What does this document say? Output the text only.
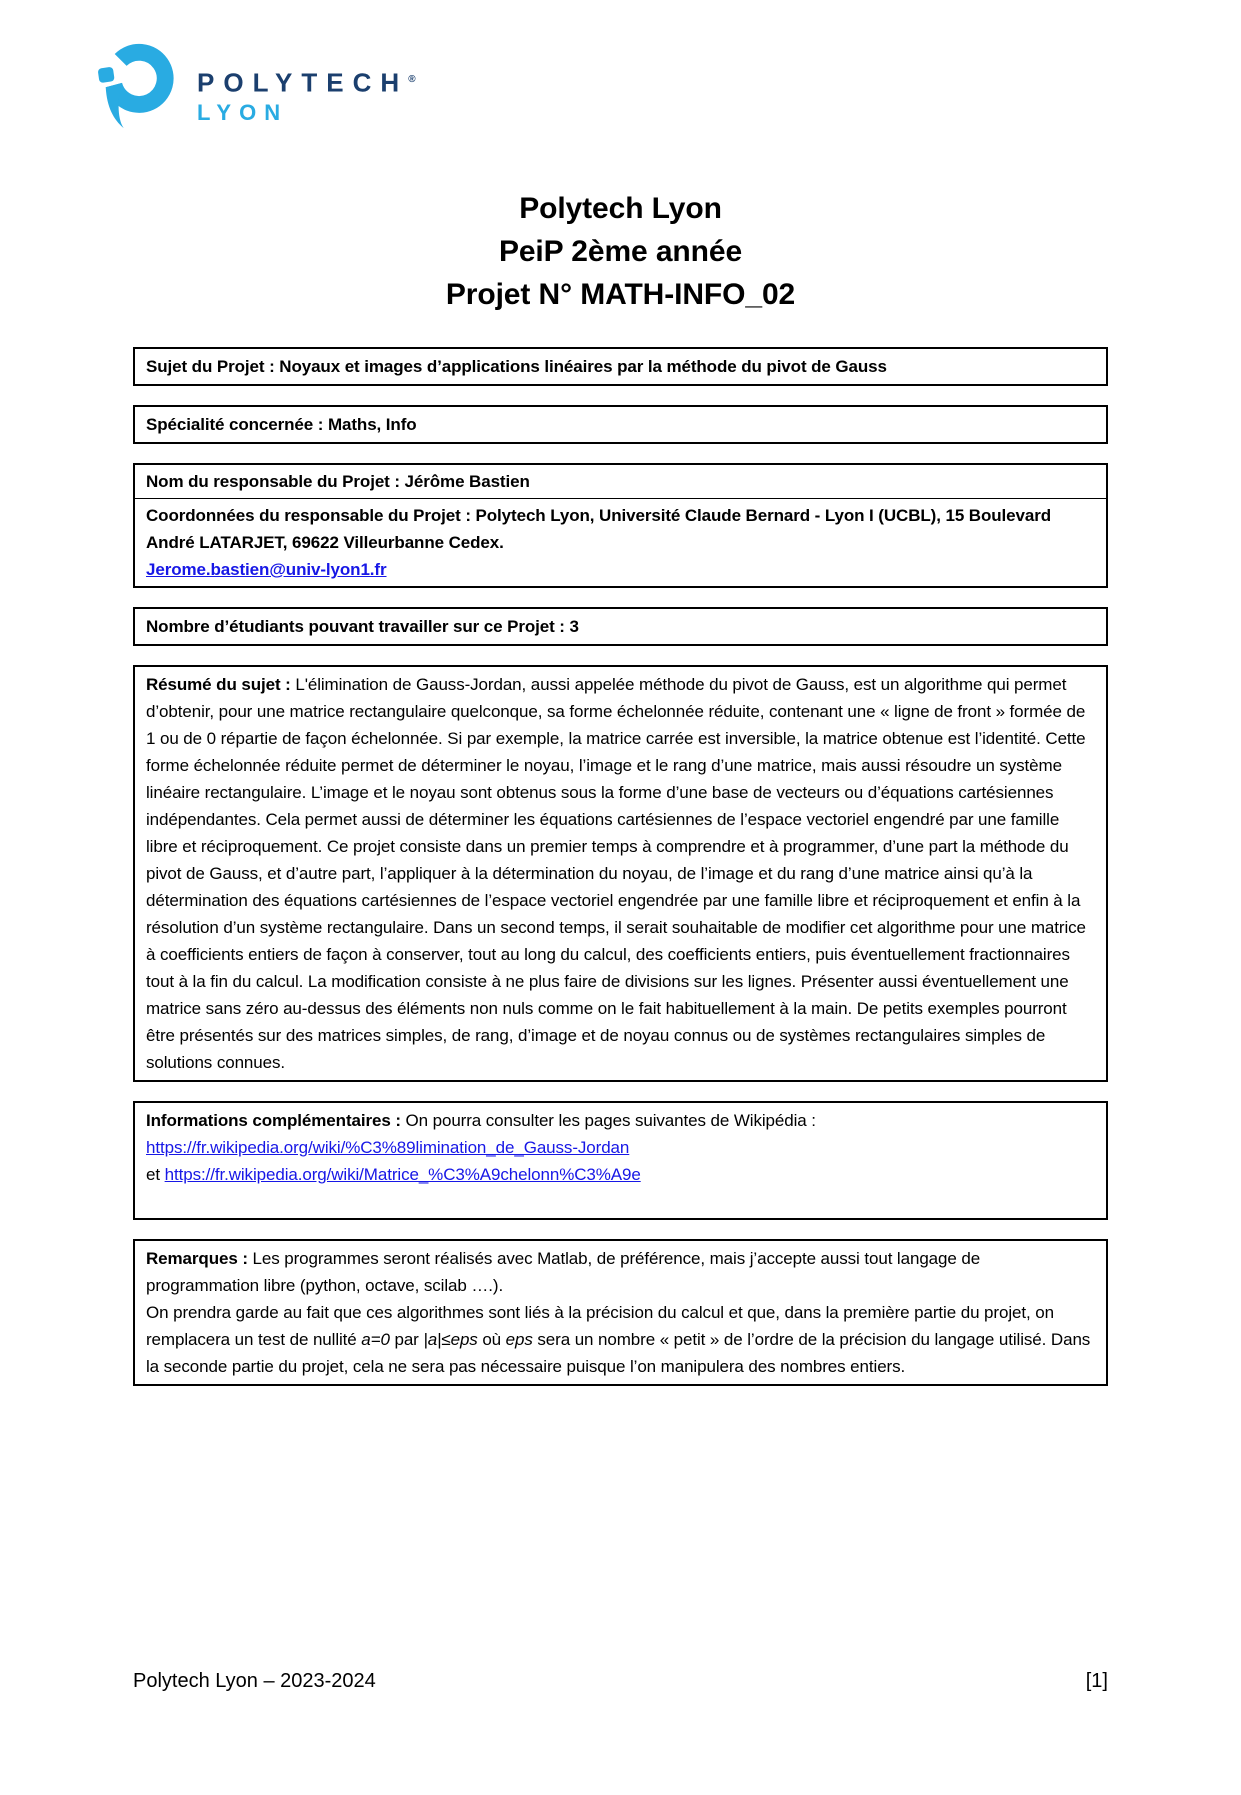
POLYTECH®
LYON
Polytech Lyon
PeiP 2ème année
Projet N° MATH-INFO_02
Sujet du Projet : Noyaux et images d’applications linéaires par la méthode du pivot de Gauss
Spécialité concernée : Maths, Info
Nom du responsable du Projet : Jérôme Bastien
Coordonnées du responsable du Projet : Polytech Lyon, Université Claude Bernard - Lyon I (UCBL), 15 Boulevard André LATARJET, 69622 Villeurbanne Cedex.
Jerome.bastien@univ-lyon1.fr
Nombre d’étudiants pouvant travailler sur ce Projet : 3
Résumé du sujet : L'élimination de Gauss-Jordan, aussi appelée méthode du pivot de Gauss, est un algorithme qui permet d’obtenir, pour une matrice rectangulaire quelconque, sa forme échelonnée réduite, contenant une « ligne de front » formée de 1 ou de 0 répartie de façon échelonnée. Si par exemple, la matrice carrée est inversible, la matrice obtenue est l’identité. Cette forme échelonnée réduite permet de déterminer le noyau, l’image et le rang d’une matrice, mais aussi résoudre un système linéaire rectangulaire. L’image et le noyau sont obtenus sous la forme d’une base de vecteurs ou d’équations cartésiennes indépendantes. Cela permet aussi de déterminer les équations cartésiennes de l’espace vectoriel engendré par une famille libre et réciproquement. Ce projet consiste dans un premier temps à comprendre et à programmer, d’une part la méthode du pivot de Gauss, et d’autre part, l’appliquer à la détermination du noyau, de l’image et du rang d’une matrice ainsi qu’à la détermination des équations cartésiennes de l’espace vectoriel engendrée par une famille libre et réciproquement et enfin à la résolution d’un système rectangulaire. Dans un second temps, il serait souhaitable de modifier cet algorithme pour une matrice à coefficients entiers de façon à conserver, tout au long du calcul, des coefficients entiers, puis éventuellement fractionnaires tout à la fin du calcul. La modification consiste à ne plus faire de divisions sur les lignes. Présenter aussi éventuellement une matrice sans zéro au-dessus des éléments non nuls comme on le fait habituellement à la main. De petits exemples pourront être présentés sur des matrices simples, de rang, d’image et de noyau connus ou de systèmes rectangulaires simples de solutions connues.
Informations complémentaires : On pourra consulter les pages suivantes de Wikipédia :
https://fr.wikipedia.org/wiki/%C3%89limination_de_Gauss-Jordan
et https://fr.wikipedia.org/wiki/Matrice_%C3%A9chelonn%C3%A9e
Remarques : Les programmes seront réalisés avec Matlab, de préférence, mais j’accepte aussi tout langage de programmation libre (python, octave, scilab ….).
On prendra garde au fait que ces algorithmes sont liés à la précision du calcul et que, dans la première partie du projet, on remplacera un test de nullité a=0 par |a|≤eps où eps sera un nombre « petit » de l’ordre de la précision du langage utilisé. Dans la seconde partie du projet, cela ne sera pas nécessaire puisque l’on manipulera des nombres entiers.
Polytech Lyon – 2023-2024	[1]
